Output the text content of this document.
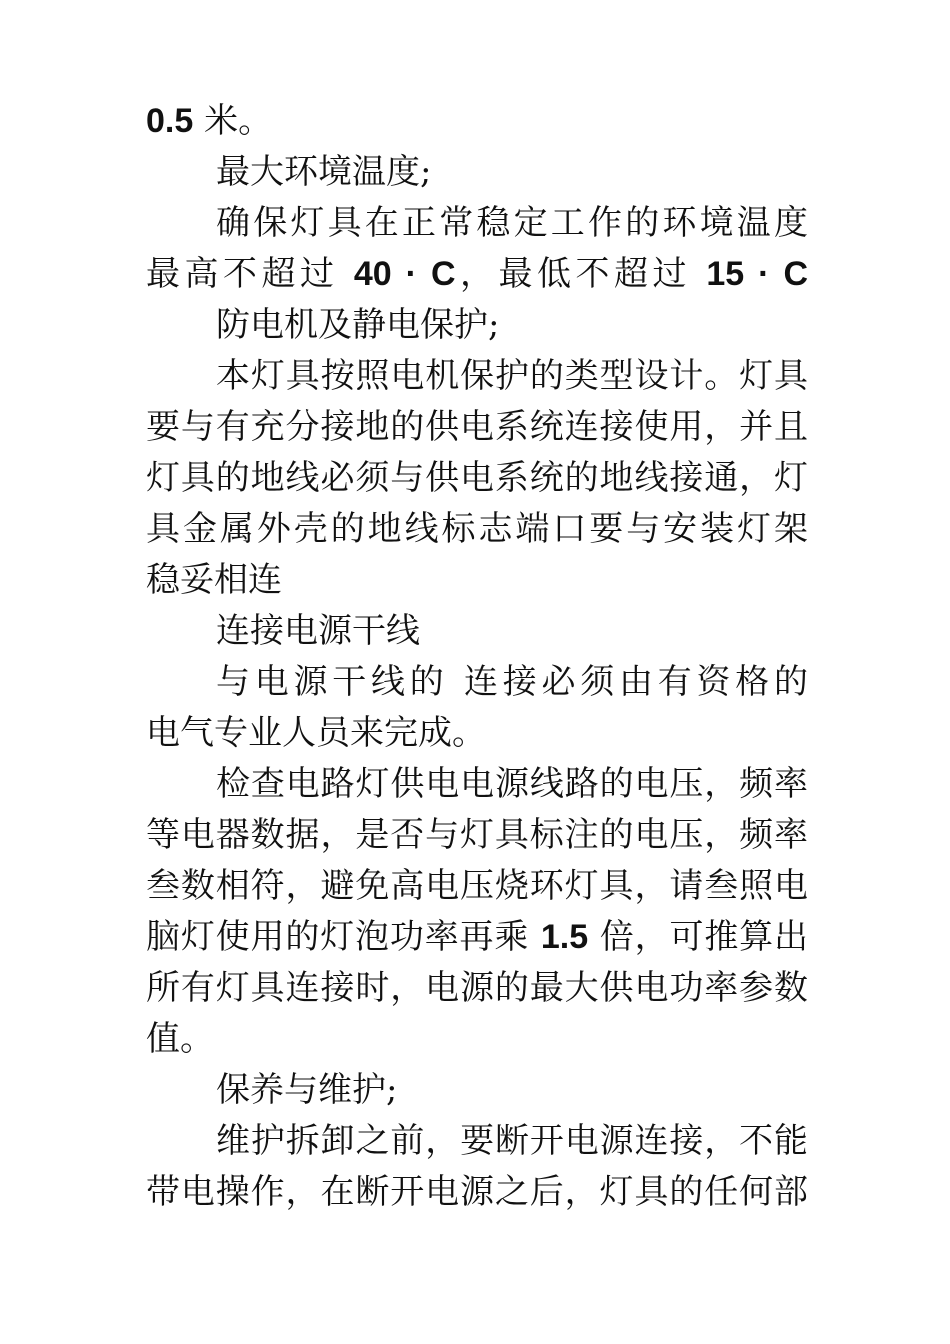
0.5 米。
最大环境温度;
确保灯具在正常稳定工作的环境温度
最高不超过 40 · C，最低不超过 15 · C
防电机及静电保护;
本灯具按照电机保护的类型设计。灯具
要与有充分接地的供电系统连接使用，并且
灯具的地线必须与供电系统的地线接通，灯
具金属外壳的地线标志端口要与安装灯架
稳妥相连
连接电源干线
与电源干线的 连接必须由有资格的
电气专业人员来完成。
检查电路灯供电电源线路的电压，频率
等电器数据，是否与灯具标注的电压，频率
叁数相符，避免高电压烧环灯具，请叁照电
脑灯使用的灯泡功率再乘 1.5 倍，可推算出
所有灯具连接时，电源的最大供电功率参数
值。
保养与维护;
维护拆卸之前，要断开电源连接，不能
带电操作，在断开电源之后，灯具的任何部
